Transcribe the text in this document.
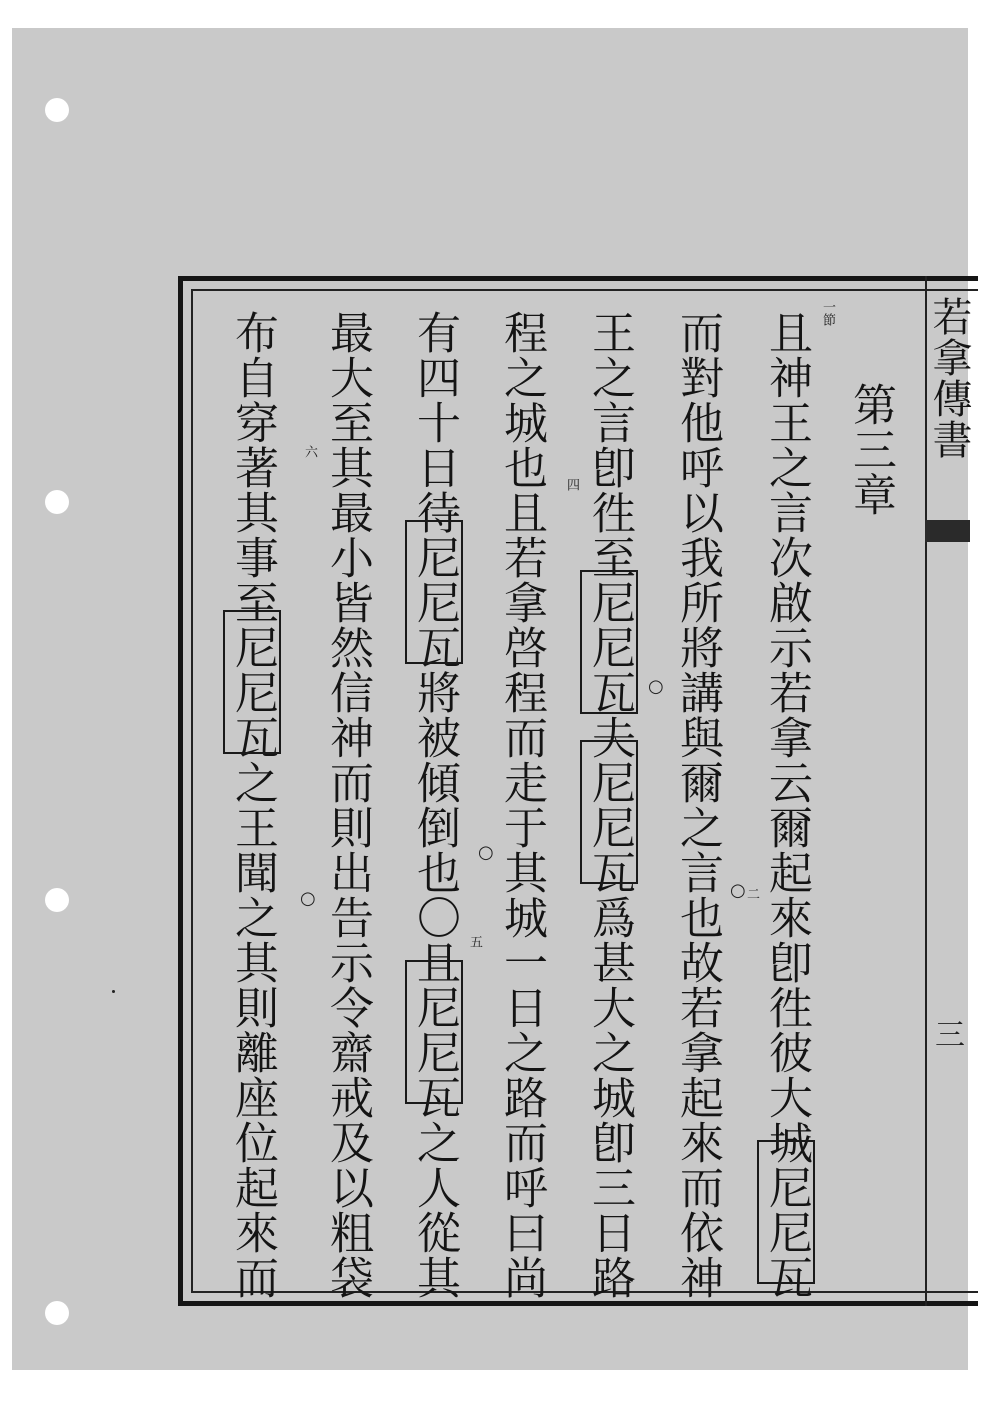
若拿傳書
三
第三章
一節
且神王之言次啟示若拿云爾起來卽徃彼大城尼尼瓦
而對他呼以我所將講與爾之言也故若拿起來而依神
王之言卽徃至尼尼瓦夫尼尼瓦爲甚大之城卽三日路
程之城也且若拿啓程而走于其城一日之路而呼曰尚
有四十日待尼尼瓦將被傾倒也〇且尼尼瓦之人從其
最大至其最小皆然信神而則出告示令齋戒及以粗袋
布自穿著其事至尼尼瓦之王聞之其則離座位起來而	二
四
五
六
○
○
○	○
